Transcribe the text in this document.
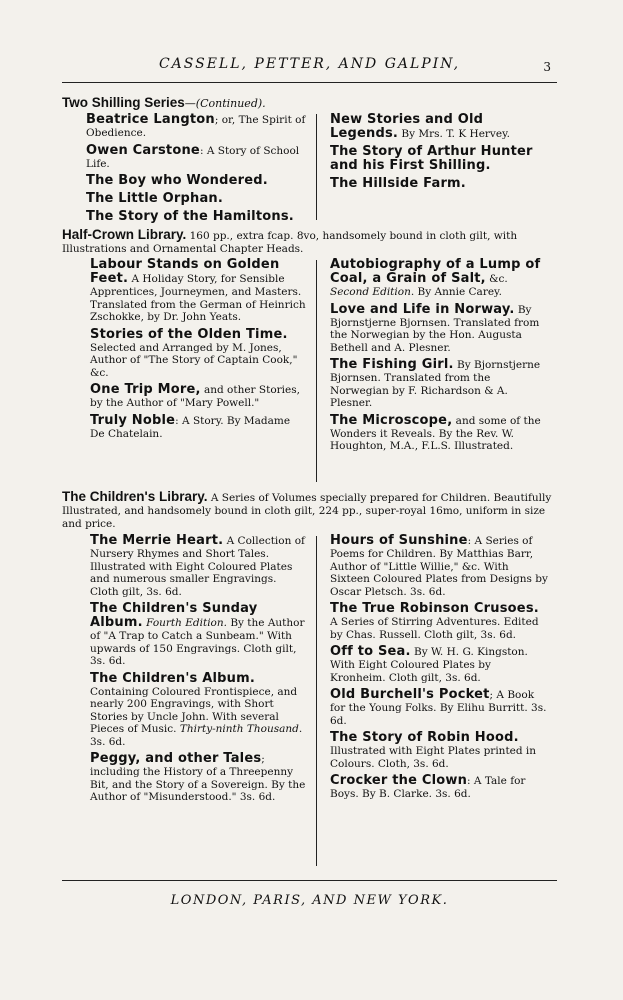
CASSELL, PETTER, AND GALPIN,	3
Two Shilling Series—(Continued).
Beatrice Langton; or, The Spirit of Obedience.
Owen Carstone: A Story of School Life.
The Boy who Wondered.
The Little Orphan.
The Story of the Hamiltons.
New Stories and Old Legends. By Mrs. T. K Hervey.
The Story of Arthur Hunter and his First Shilling.
The Hillside Farm.
Half-Crown Library. 160 pp., extra fcap. 8vo, handsomely bound in cloth gilt, with Illustrations and Ornamental Chapter Heads.
Labour Stands on Golden Feet. A Holiday Story, for Sensible Apprentices, Journeymen, and Masters. Translated from the German of Heinrich Zschokke, by Dr. John Yeats.
Stories of the Olden Time. Selected and Arranged by M. Jones, Author of "The Story of Captain Cook," &c.
One Trip More, and other Stories, by the Author of "Mary Powell."
Truly Noble: A Story. By Madame De Chatelain.
Autobiography of a Lump of Coal, a Grain of Salt, &c. Second Edition. By Annie Carey.
Love and Life in Norway. By Bjornstjerne Bjornsen. Translated from the Norwegian by the Hon. Augusta Bethell and A. Plesner.
The Fishing Girl. By Bjornstjerne Bjornsen. Translated from the Norwegian by F. Richardson & A. Plesner.
The Microscope, and some of the Wonders it Reveals. By the Rev. W. Houghton, M.A., F.L.S. Illustrated.
The Children's Library. A Series of Volumes specially prepared for Children. Beautifully Illustrated, and handsomely bound in cloth gilt, 224 pp., super-royal 16mo, uniform in size and price.
The Merrie Heart. A Collection of Nursery Rhymes and Short Tales. Illustrated with Eight Coloured Plates and numerous smaller Engravings. Cloth gilt, 3s. 6d.
The Children's Sunday Album. Fourth Edition. By the Author of "A Trap to Catch a Sunbeam." With upwards of 150 Engravings. Cloth gilt, 3s. 6d.
The Children's Album. Containing Coloured Frontispiece, and nearly 200 Engravings, with Short Stories by Uncle John. With several Pieces of Music. Thirty-ninth Thousand. 3s. 6d.
Peggy, and other Tales; including the History of a Threepenny Bit, and the Story of a Sovereign. By the Author of "Misunderstood." 3s. 6d.
Hours of Sunshine: A Series of Poems for Children. By Matthias Barr, Author of "Little Willie," &c. With Sixteen Coloured Plates from Designs by Oscar Pletsch. 3s. 6d.
The True Robinson Crusoes. A Series of Stirring Adventures. Edited by Chas. Russell. Cloth gilt, 3s. 6d.
Off to Sea. By W. H. G. Kingston. With Eight Coloured Plates by Kronheim. Cloth gilt, 3s. 6d.
Old Burchell's Pocket; A Book for the Young Folks. By Elihu Burritt. 3s. 6d.
The Story of Robin Hood. Illustrated with Eight Plates printed in Colours. Cloth, 3s. 6d.
Crocker the Clown: A Tale for Boys. By B. Clarke. 3s. 6d.
LONDON, PARIS, AND NEW YORK.
